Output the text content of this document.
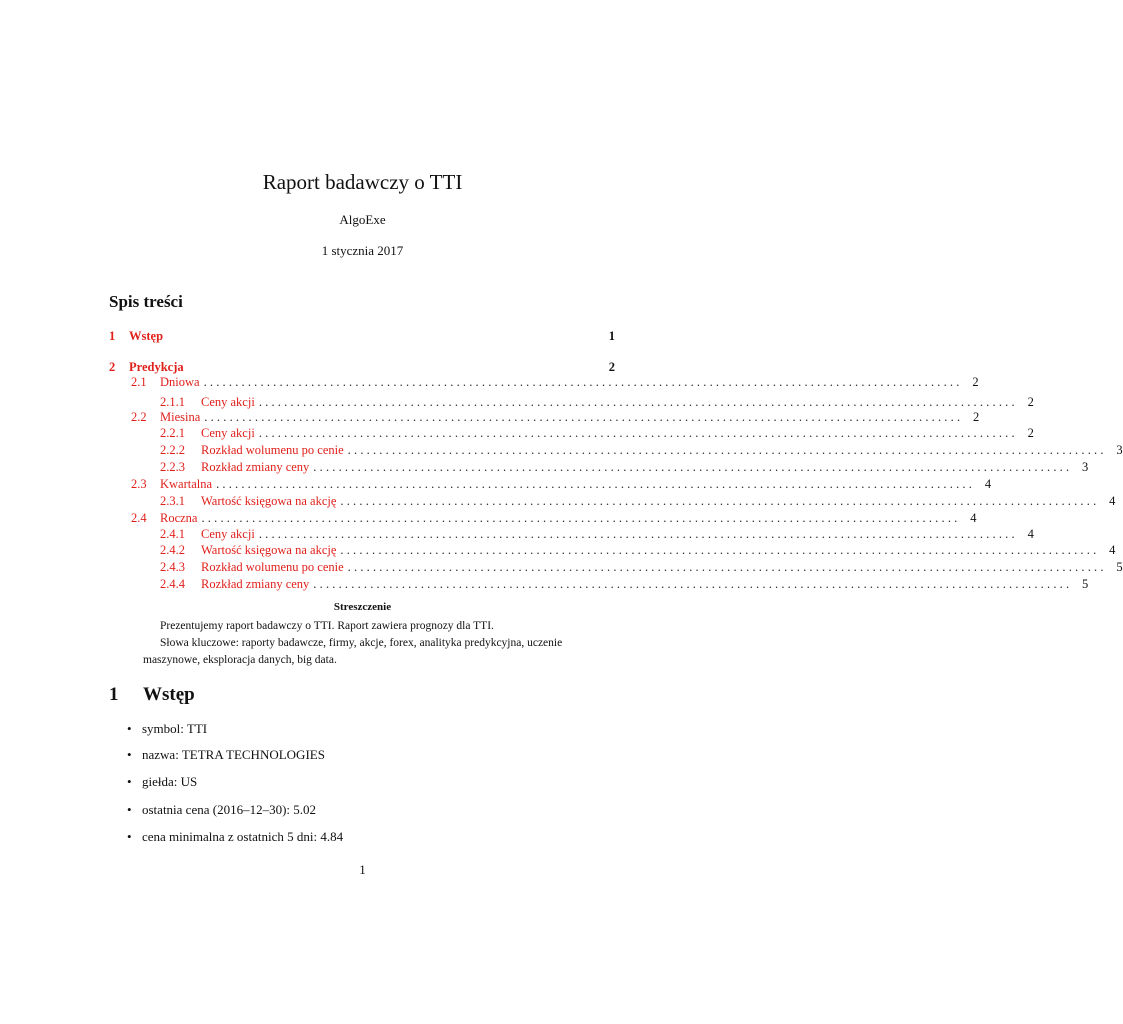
Raport badawczy o TTI
AlgoExe
1 stycznia 2017
Spis treści
1	Wstęp	1
2	Predykcja	2
2.1	Dniowa ........................................................................................................................ 2
2.1.1	Ceny akcji ........................................................................................................................ 2
2.2	Miesina ........................................................................................................................ 2
2.2.1	Ceny akcji ........................................................................................................................ 2
2.2.2	Rozkład wolumenu po cenie ........................................................................................................................ 3
2.2.3	Rozkład zmiany ceny ........................................................................................................................ 3
2.3	Kwartalna ........................................................................................................................ 4
2.3.1	Wartość księgowa na akcję ........................................................................................................................ 4
2.4	Roczna ........................................................................................................................ 4
2.4.1	Ceny akcji ........................................................................................................................ 4
2.4.2	Wartość księgowa na akcję ........................................................................................................................ 4
2.4.3	Rozkład wolumenu po cenie ........................................................................................................................ 5
2.4.4	Rozkład zmiany ceny ........................................................................................................................ 5
Streszczenie

Prezentujemy raport badawczy o TTI. Raport zawiera prognozy dla TTI.

Słowa kluczowe: raporty badawcze, firmy, akcje, forex, analityka predykcyjna, uczenie maszynowe, eksploracja danych, big data.

1 Wstęp
• symbol: TTI
• nazwa: TETRA TECHNOLOGIES
• giełda: US
• ostatnia cena (2016–12–30): 5.02
• cena minimalna z ostatnich 5 dni: 4.84
1
